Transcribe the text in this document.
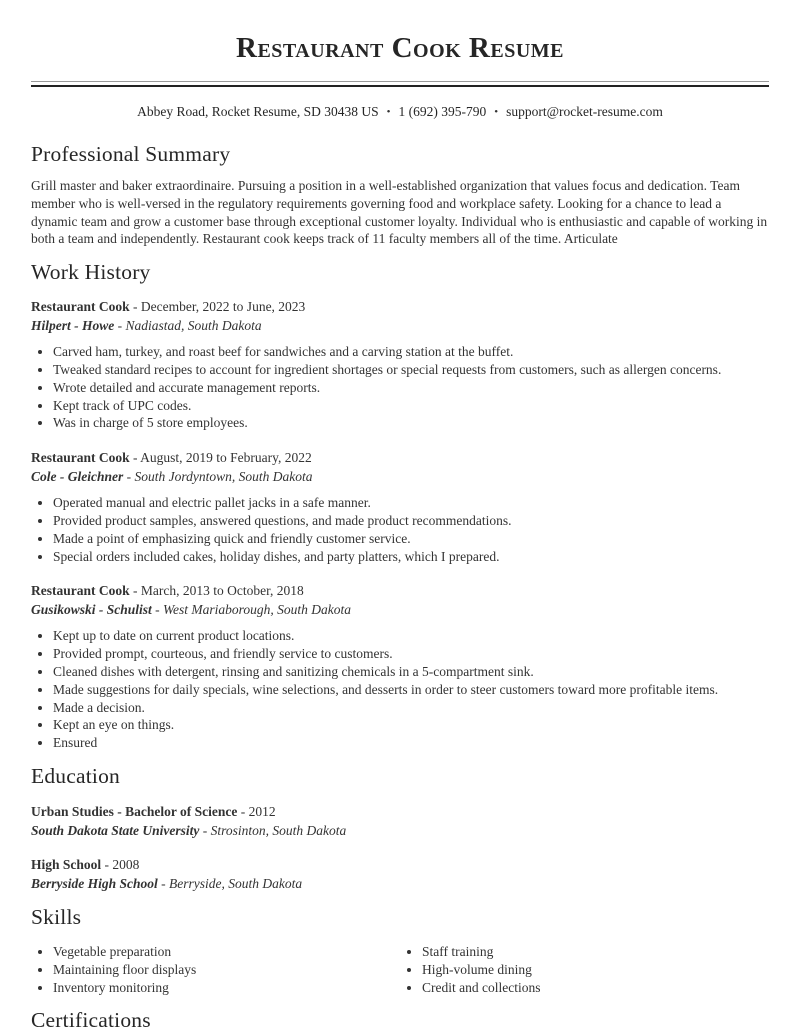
Restaurant Cook Resume
Abbey Road, Rocket Resume, SD 30438 US • 1 (692) 395-790 • support@rocket-resume.com
Professional Summary

Grill master and baker extraordinaire. Pursuing a position in a well-established organization that values focus and dedication. Team member who is well-versed in the regulatory requirements governing food and workplace safety. Looking for a chance to lead a dynamic team and grow a customer base through exceptional customer loyalty. Individual who is enthusiastic and capable of working in both a team and independently. Restaurant cook keeps track of 11 faculty members all of the time. Articulate

Work History
Restaurant Cook - December, 2022 to June, 2023
Hilpert - Howe - Nadiastad, South Dakota
• Carved ham, turkey, and roast beef for sandwiches and a carving station at the buffet.
• Tweaked standard recipes to account for ingredient shortages or special requests from customers, such as allergen concerns.
• Wrote detailed and accurate management reports.
• Kept track of UPC codes.
• Was in charge of 5 store employees.
Restaurant Cook - August, 2019 to February, 2022
Cole - Gleichner - South Jordyntown, South Dakota
• Operated manual and electric pallet jacks in a safe manner.
• Provided product samples, answered questions, and made product recommendations.
• Made a point of emphasizing quick and friendly customer service.
• Special orders included cakes, holiday dishes, and party platters, which I prepared.
Restaurant Cook - March, 2013 to October, 2018
Gusikowski - Schulist - West Mariaborough, South Dakota
• Kept up to date on current product locations.
• Provided prompt, courteous, and friendly service to customers.
• Cleaned dishes with detergent, rinsing and sanitizing chemicals in a 5-compartment sink.
• Made suggestions for daily specials, wine selections, and desserts in order to steer customers toward more profitable items.
• Made a decision.
• Kept an eye on things.
• Ensured
Education
Urban Studies - Bachelor of Science - 2012
South Dakota State University - Strosinton, South Dakota
High School - 2008
Berryside High School - Berryside, South Dakota
Skills
• Vegetable preparation
• Maintaining floor displays
• Inventory monitoring
• Staff training
• High-volume dining
• Credit and collections
Certifications
